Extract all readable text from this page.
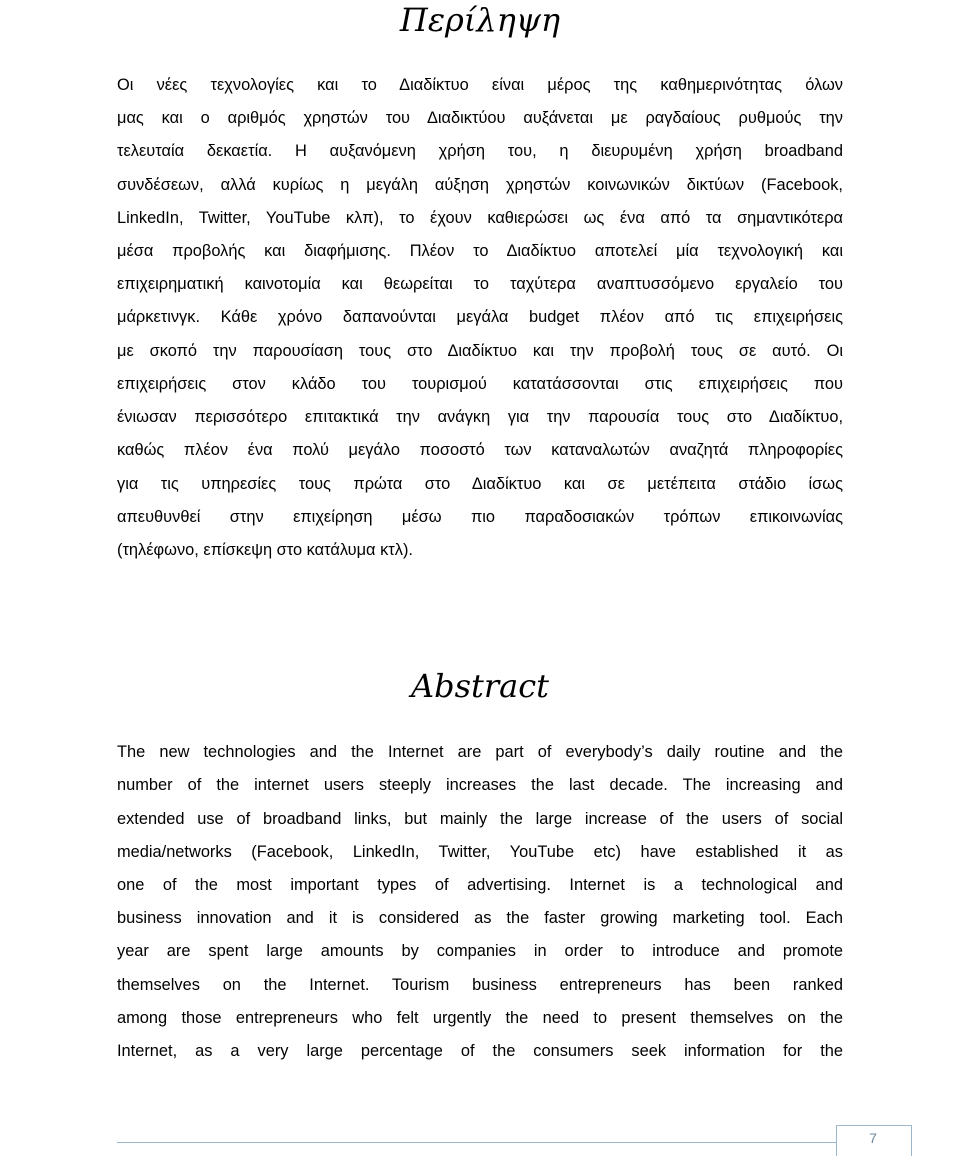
Περίληψη
Οι νέες τεχνολογίες και το Διαδίκτυο είναι μέρος της καθημερινότητας όλων
μας και ο αριθμός χρηστών του Διαδικτύου αυξάνεται με ραγδαίους ρυθμούς την
τελευταία δεκαετία. Η αυξανόμενη χρήση του, η διευρυμένη χρήση broadband
συνδέσεων, αλλά κυρίως η μεγάλη αύξηση χρηστών κοινωνικών δικτύων (Facebook,
LinkedIn, Twitter, YouTube κλπ), το έχουν καθιερώσει ως ένα από τα σημαντικότερα
μέσα προβολής και διαφήμισης. Πλέον το Διαδίκτυο αποτελεί μία τεχνολογική και
επιχειρηματική καινοτομία και θεωρείται το ταχύτερα αναπτυσσόμενο εργαλείο του
μάρκετινγκ. Κάθε χρόνο δαπανούνται μεγάλα budget πλέον από τις επιχειρήσεις
με σκοπό την παρουσίαση τους στο Διαδίκτυο και την προβολή τους σε αυτό. Οι
επιχειρήσεις στον κλάδο του τουρισμού κατατάσσονται στις επιχειρήσεις που
ένιωσαν περισσότερο επιτακτικά την ανάγκη για την παρουσία τους στο Διαδίκτυο,
καθώς πλέον ένα πολύ μεγάλο ποσοστό των καταναλωτών αναζητά πληροφορίες
για τις υπηρεσίες τους πρώτα στο Διαδίκτυο και σε μετέπειτα στάδιο ίσως
απευθυνθεί στην επιχείρηση μέσω πιο παραδοσιακών τρόπων επικοινωνίας
(τηλέφωνο, επίσκεψη στο κατάλυμα κτλ).
Abstract
The new technologies and the Internet are part of everybody’s daily routine and the
number of the internet users steeply increases the last decade. The increasing and
extended use of broadband links, but mainly the large increase of the users of social
media/networks (Facebook, LinkedIn, Twitter, YouTube etc) have established it as
one of the most important types of advertising. Internet is a technological and
business innovation and it is considered as the faster growing marketing tool. Each
year are spent large amounts by companies in order to introduce and promote
themselves on the Internet. Tourism business entrepreneurs has been ranked
among those entrepreneurs who felt urgently the need to present themselves on the
Internet, as a very large percentage of the consumers seek information for the
7
